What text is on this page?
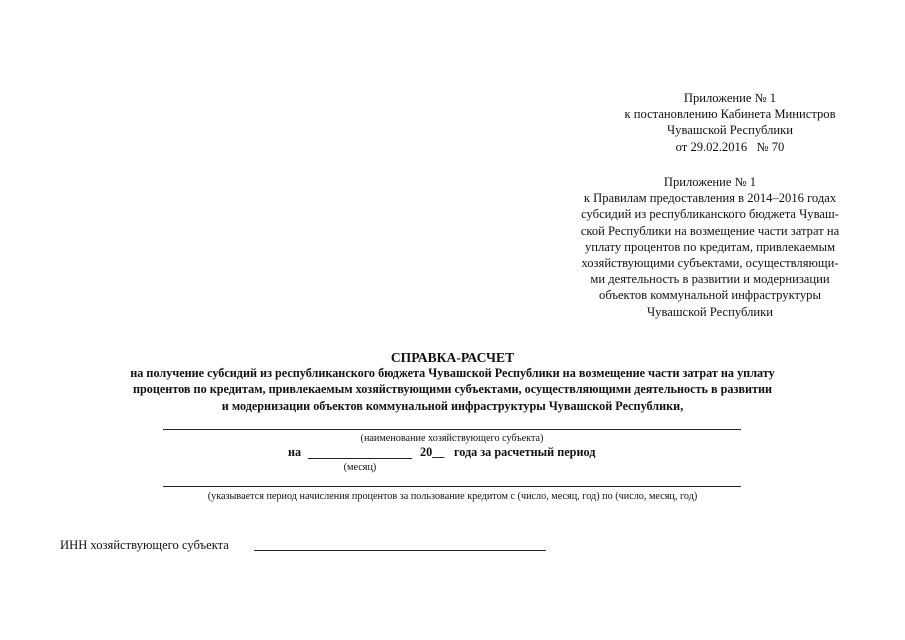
Приложение № 1
к постановлению Кабинета Министров
Чувашской Республики
от 29.02.2016   № 70
Приложение № 1
к Правилам предоставления в 2014–2016 годах
субсидий из республиканского бюджета Чуваш-
ской Республики на возмещение части затрат на
уплату процентов по кредитам, привлекаемым
хозяйствующими субъектами, осуществляющи-
ми деятельность в развитии и модернизации
объектов коммунальной инфраструктуры
Чувашской Республики
СПРАВКА-РАСЧЕТ
на получение субсидий из республиканского бюджета Чувашской Республики на возмещение части затрат на уплату
процентов по кредитам, привлекаемым хозяйствующими субъектами, осуществляющими деятельность в развитии
и модернизации объектов коммунальной инфраструктуры Чувашской Республики,
(наименование хозяйствующего субъекта)
на	20__ года за расчетный период
(месяц)
(указывается период начисления процентов за пользование кредитом с (число, месяц, год) по (число, месяц, год)
ИНН хозяйствующего субъекта
